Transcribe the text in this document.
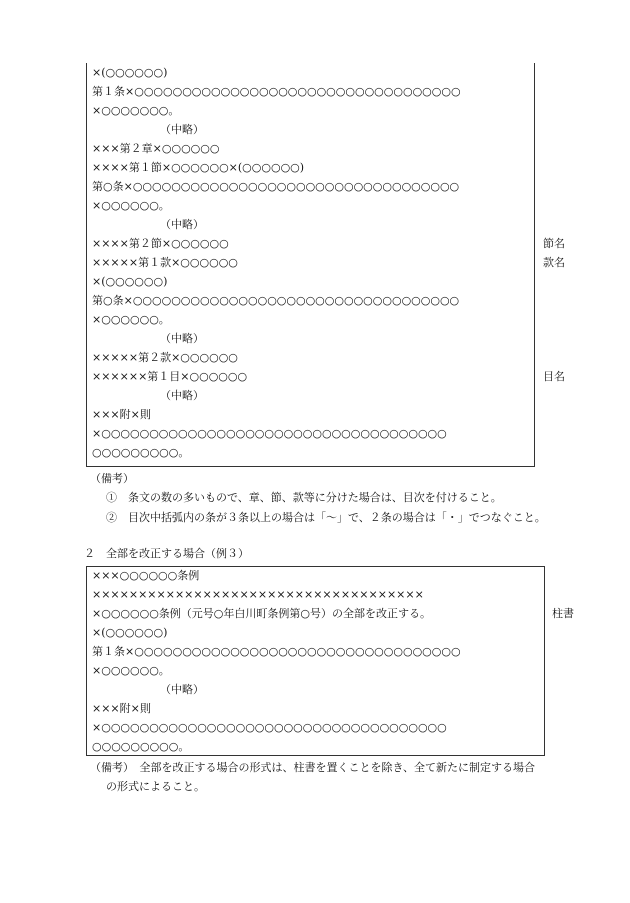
×(○○○○○○)
第１条×○○○○○○○○○○○○○○○○○○○○○○○○○○○○○○○○○○
×○○○○○○○。
（中略）
×××第２章×○○○○○○
××××第１節×○○○○○○×(○○○○○○)
第○条×○○○○○○○○○○○○○○○○○○○○○○○○○○○○○○○○○○
×○○○○○○。
（中略）
××××第２節×○○○○○○
×××××第１款×○○○○○○
×(○○○○○○)
第○条×○○○○○○○○○○○○○○○○○○○○○○○○○○○○○○○○○○
×○○○○○○。
（中略）
×××××第２款×○○○○○○
××××××第１目×○○○○○○
（中略）
×××附×則
×○○○○○○○○○○○○○○○○○○○○○○○○○○○○○○○○○○○○
○○○○○○○○○。
節名
款名
目名
（備考）
①　条文の数の多いもので、章、節、款等に分けた場合は、目次を付けること。
②　目次中括弧内の条が３条以上の場合は「～」で、２条の場合は「・」でつなぐこと。
２　全部を改正する場合（例３）
×××○○○○○○条例
××××××××××××××××××××××××××××××××××××
×○○○○○○条例（元号○年白川町条例第○号）の全部を改正する。
×(○○○○○○)
第１条×○○○○○○○○○○○○○○○○○○○○○○○○○○○○○○○○○○
×○○○○○○。
（中略）
×××附×則
×○○○○○○○○○○○○○○○○○○○○○○○○○○○○○○○○○○○○
○○○○○○○○○。
柱書
（備考）　全部を改正する場合の形式は、柱書を置くことを除き、全て新たに制定する場合
の形式によること。
